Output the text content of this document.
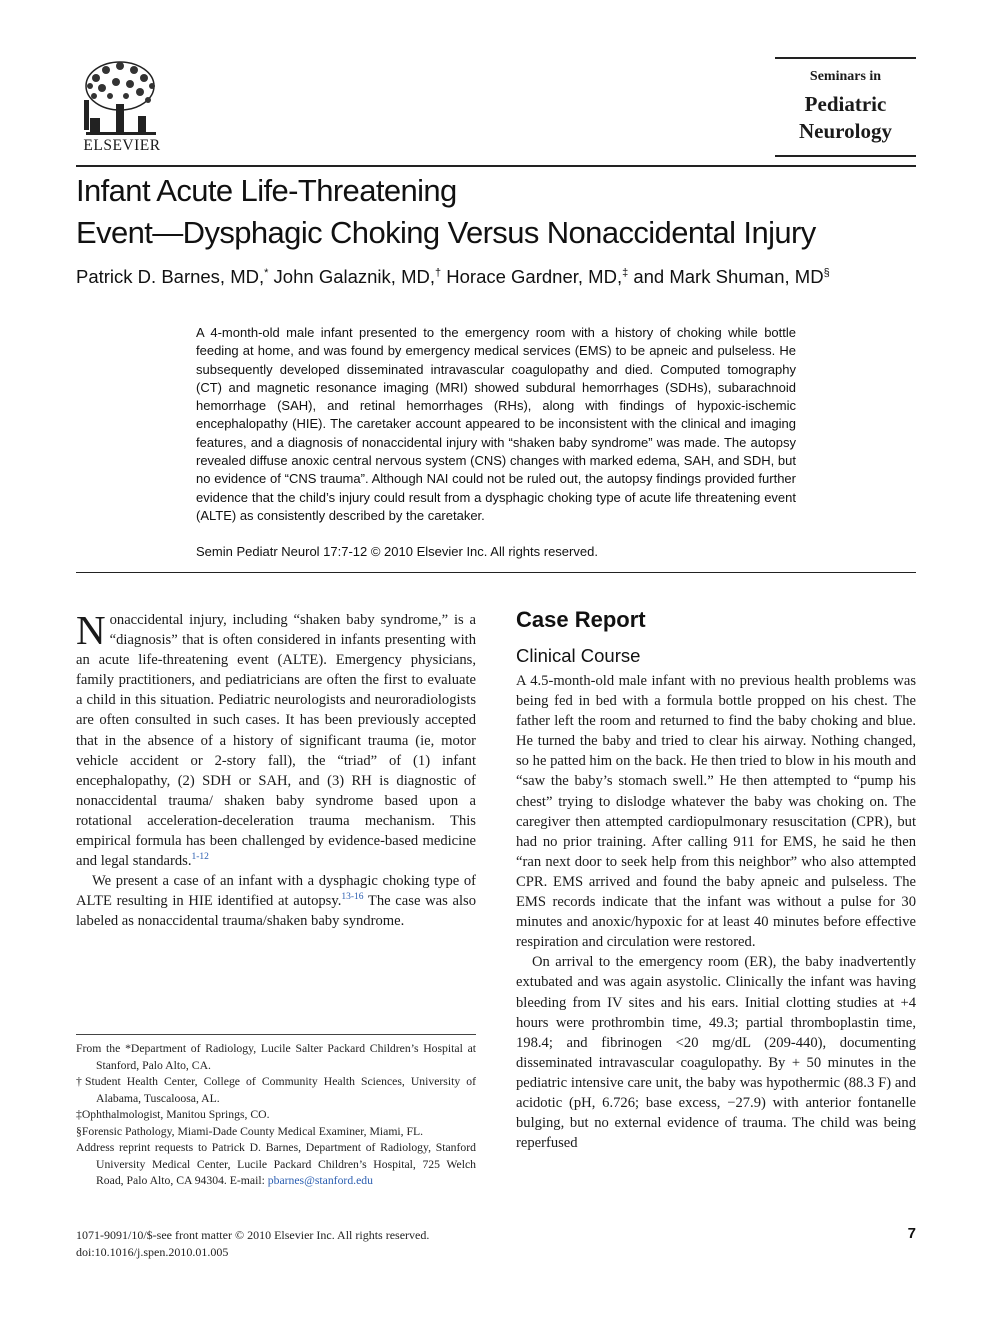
ELSEVIER
Seminars in
Pediatric
Neurology
Infant Acute Life-Threatening
Event—Dysphagic Choking Versus Nonaccidental Injury
Patrick D. Barnes, MD,* John Galaznik, MD,† Horace Gardner, MD,‡ and Mark Shuman, MD§
A 4-month-old male infant presented to the emergency room with a history of choking while bottle feeding at home, and was found by emergency medical services (EMS) to be apneic and pulseless. He subsequently developed disseminated intravascular coagulopathy and died. Computed tomography (CT) and magnetic resonance imaging (MRI) showed subdural hemorrhages (SDHs), subarachnoid hemorrhage (SAH), and retinal hemorrhages (RHs), along with findings of hypoxic-ischemic encephalopathy (HIE). The caretaker account appeared to be inconsistent with the clinical and imaging features, and a diagnosis of nonaccidental injury with “shaken baby syndrome” was made. The autopsy revealed diffuse anoxic central nervous system (CNS) changes with marked edema, SAH, and SDH, but no evidence of “CNS trauma”. Although NAI could not be ruled out, the autopsy findings provided further evidence that the child’s injury could result from a dysphagic choking type of acute life threatening event (ALTE) as consistently described by the caretaker.
Semin Pediatr Neurol 17:7-12 © 2010 Elsevier Inc. All rights reserved.

Nonaccidental injury, including “shaken baby syndrome,” is a “diagnosis” that is often considered in infants presenting with an acute life-threatening event (ALTE). Emergency physicians, family practitioners, and pediatricians are often the first to evaluate a child in this situation. Pediatric neurologists and neuroradiologists are often consulted in such cases. It has been previously accepted that in the absence of a history of significant trauma (ie, motor vehicle accident or 2-story fall), the “triad” of (1) infant encephalopathy, (2) SDH or SAH, and (3) RH is diagnostic of nonaccidental trauma/ shaken baby syndrome based upon a rotational acceleration-deceleration trauma mechanism. This empirical formula has been challenged by evidence-based medicine and legal standards.$^{1-12}$

We present a case of an infant with a dysphagic choking type of ALTE resulting in HIE identified at autopsy.$^{13-16}$ The case was also labeled as nonaccidental trauma/shaken baby syndrome.

Case Report
Clinical Course

A 4.5-month-old male infant with no previous health problems was being fed in bed with a formula bottle propped on his chest. The father left the room and returned to find the baby choking and blue. He turned the baby and tried to clear his airway. Nothing changed, so he patted him on the back. He then tried to blow in his mouth and “saw the baby’s stomach swell.” He then attempted to “pump his chest” trying to dislodge whatever the baby was choking on. The caregiver then attempted cardiopulmonary resuscitation (CPR), but had no prior training. After calling 911 for EMS, he said he then “ran next door to seek help from this neighbor” who also attempted CPR. EMS arrived and found the baby apneic and pulseless. The EMS records indicate that the infant was without a pulse for 30 minutes and anoxic/hypoxic for at least 40 minutes before effective respiration and circulation were restored.

On arrival to the emergency room (ER), the baby inadvertently extubated and was again asystolic. Clinically the infant was having bleeding from IV sites and his ears. Initial clotting studies at +4 hours were prothrombin time, 49.3; partial thromboplastin time, 198.4; and fibrinogen <20 mg/dL (209-440), documenting disseminated intravascular coagulopathy. By + 50 minutes in the pediatric intensive care unit, the baby was hypothermic (88.3 F) and acidotic (pH, 6.726; base excess, −27.9) with anterior fontanelle bulging, but no external evidence of trauma. The child was being reperfused

From the *Department of Radiology, Lucile Salter Packard Children’s Hospital at Stanford, Palo Alto, CA.

†Student Health Center, College of Community Health Sciences, University of Alabama, Tuscaloosa, AL.

‡Ophthalmologist, Manitou Springs, CO.

§Forensic Pathology, Miami-Dade County Medical Examiner, Miami, FL.

Address reprint requests to Patrick D. Barnes, Department of Radiology, Stanford University Medical Center, Lucile Packard Children’s Hospital, 725 Welch Road, Palo Alto, CA 94304. E-mail: pbarnes@stanford.edu

1071-9091/10/$-see front matter © 2010 Elsevier Inc. All rights reserved.
doi:10.1016/j.spen.2010.01.005
7
